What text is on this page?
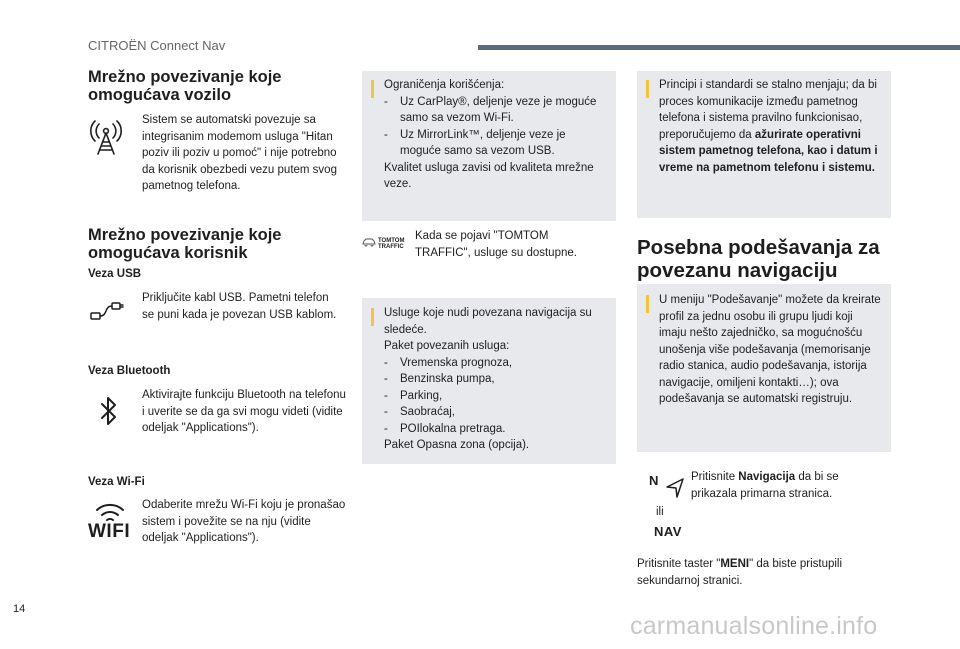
CITROËN Connect Nav
Mrežno povezivanje koje
omogućava vozilo
Sistem se automatski povezuje sa integrisanim modemom usluga "Hitan poziv ili poziv u pomoć" i nije potrebno da korisnik obezbedi vezu putem svog pametnog telefona.
Mrežno povezivanje koje
omogućava korisnik
Veza USB
Priključite kabl USB. Pametni telefon se puni kada je povezan USB kablom.
Veza Bluetooth
Aktivirajte funkciju Bluetooth na telefonu i uverite se da ga svi mogu videti (vidite odeljak "Applications").
Veza Wi-Fi
WIFI
Odaberite mrežu Wi-Fi koju je pronašao sistem i povežite se na nju (vidite odeljak "Applications").
Ograničenja korišćenja:
-	Uz CarPlay®, deljenje veze je moguće samo sa vezom Wi-Fi.
-	Uz MirrorLink™, deljenje veze je moguće samo sa vezom USB.
Kvalitet usluga zavisi od kvaliteta mrežne veze.
TOMTOM
TRAFFIC
Kada se pojavi "TOMTOM TRAFFIC", usluge su dostupne.
Usluge koje nudi povezana navigacija su sledeće.
Paket povezanih usluga:
-	Vremenska prognoza,
-	Benzinska pumpa,
-	Parking,
-	Saobraćaj,
-	POIlokalna pretraga.
Paket Opasna zona (opcija).
Principi i standardi se stalno menjaju; da bi proces komunikacije između pametnog telefona i sistema pravilno funkcionisao, preporučujemo da ažurirate operativni sistem pametnog telefona, kao i datum i vreme na pametnom telefonu i sistemu.
Posebna podešavanja za
povezanu navigaciju
U meniju "Podešavanje" možete da kreirate profil za jednu osobu ili grupu ljudi koji imaju nešto zajedničko, sa mogućnošću unošenja više podešavanja (memorisanje radio stanica, audio podešavanja, istorija navigacije, omiljeni kontakti…); ova podešavanja se automatski registruju.
N
ili
NAV
Pritisnite Navigacija da bi se prikazala primarna stranica.
Pritisnite taster "MENI" da biste pristupili sekundarnoj stranici.
14
carmanualsonline.info
